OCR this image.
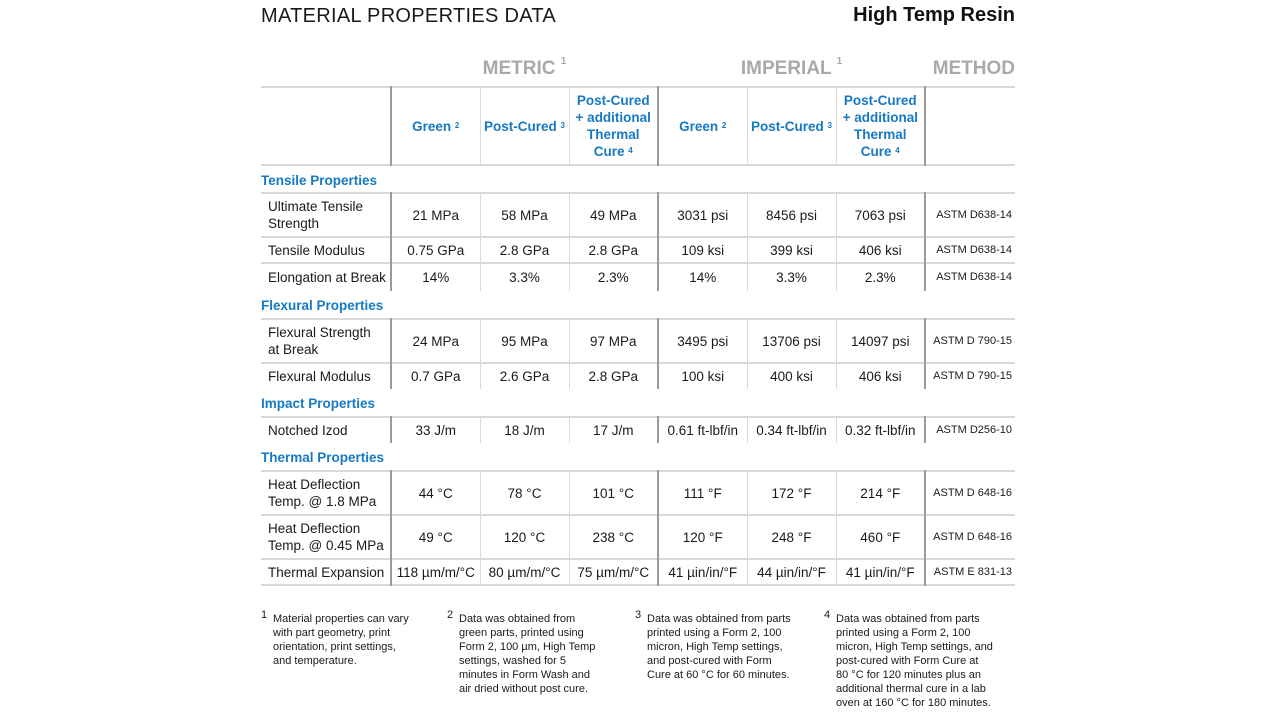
MATERIAL PROPERTIES DATA	High Temp Resin
	METRIC $^1$			IMPERIAL $^1$			METHOD
	Green $^2$	Post-Cured $^3$	Post-Cured
+ additional
Thermal
Cure $^4$	Green $^2$	Post-Cured $^3$	Post-Cured
+ additional
Thermal
Cure $^4$	
Tensile Properties							
Ultimate Tensile
Strength	21 MPa	58 MPa	49 MPa	3031 psi	8456 psi	7063 psi	ASTM D638-14
Tensile Modulus	0.75 GPa	2.8 GPa	2.8 GPa	109 ksi	399 ksi	406 ksi	ASTM D638-14
Elongation at Break	14%	3.3%	2.3%	14%	3.3%	2.3%	ASTM D638-14
Flexural Properties							
Flexural Strength
at Break	24 MPa	95 MPa	97 MPa	3495 psi	13706 psi	14097 psi	ASTM D 790-15
Flexural Modulus	0.7 GPa	2.6 GPa	2.8 GPa	100 ksi	400 ksi	406 ksi	ASTM D 790-15
Impact Properties							
Notched Izod	33 J/m	18 J/m	17 J/m	0.61 ft-lbf/in	0.34 ft-lbf/in	0.32 ft-lbf/in	ASTM D256-10
Thermal Properties							
Heat Deflection
Temp. @ 1.8 MPa	44 °C	78 °C	101 °C	111 °F	172 °F	214 °F	ASTM D 648-16
Heat Deflection
Temp. @ 0.45 MPa	49 °C	120 °C	238 °C	120 °F	248 °F	460 °F	ASTM D 648-16
Thermal Expansion	118 µm/m/°C	80 µm/m/°C	75 µm/m/°C	41 µin/in/°F	44 µin/in/°F	41 µin/in/°F	ASTM E 831-13
1 Material properties can vary
with part geometry, print
orientation, print settings,
and temperature.
2 Data was obtained from
green parts, printed using
Form 2, 100 µm, High Temp
settings, washed for 5
minutes in Form Wash and
air dried without post cure.
3 Data was obtained from parts
printed using a Form 2, 100
micron, High Temp settings,
and post-cured with Form
Cure at 60 °C for 60 minutes.
4 Data was obtained from parts
printed using a Form 2, 100
micron, High Temp settings, and
post-cured with Form Cure at
80 °C for 120 minutes plus an
additional thermal cure in a lab
oven at 160 °C for 180 minutes.
